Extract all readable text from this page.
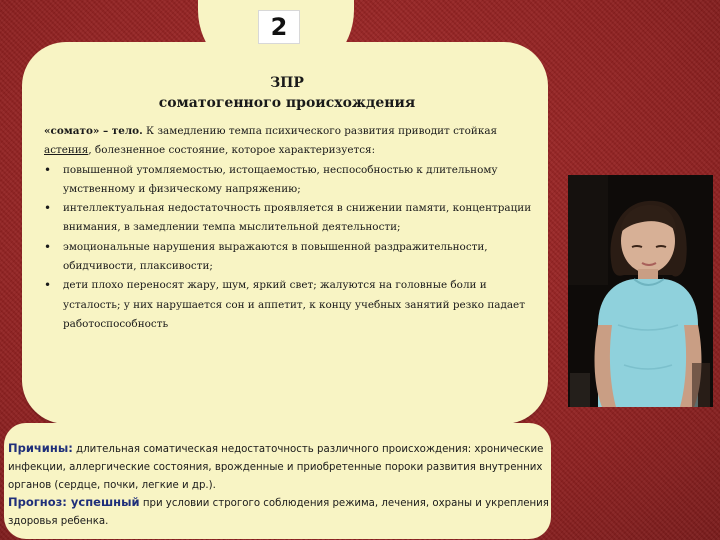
2
ЗПР
соматогенного происхождения

«сомато» – тело. К замедлению темпа психического развития приводит стойкая астения, болезненное состояние, которое характеризуется:

• повышенной утомляемостью, истощаемостью, неспособностью к длительному умственному и физическому напряжению;
• интеллектуальная недостаточность проявляется в снижении памяти, концентрации внимания, в замедлении темпа мыслительной деятельности;
• эмоциональные нарушения выражаются в повышенной раздражительности, обидчивости, плаксивости;
• дети плохо переносят жару, шум, яркий свет; жалуются на головные боли и усталость; у них нарушается сон и аппетит, к концу учебных занятий резко падает работоспособность

Причины: длительная соматическая недостаточность различного происхождения: хронические инфекции, аллергические состояния, врожденные и приобретенные пороки развития внутренних органов (сердце, почки, легкие и др.).

Прогноз: успешный при условии строгого соблюдения режима, лечения, охраны и укрепления здоровья ребенка.
